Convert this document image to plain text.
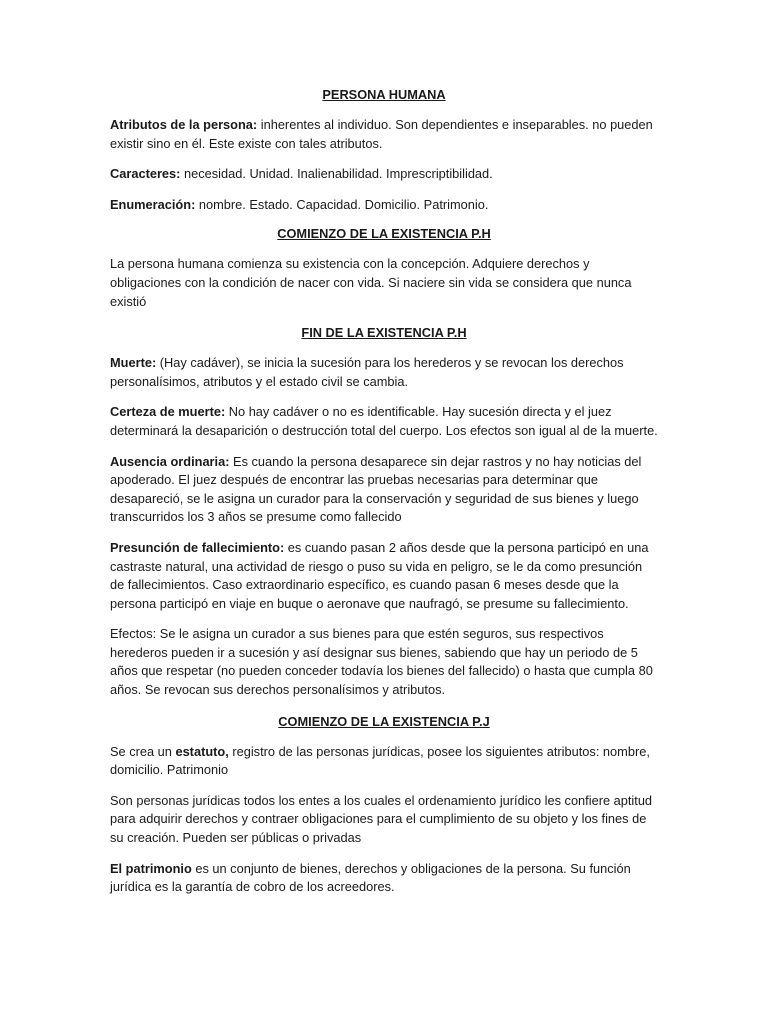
PERSONA HUMANA

Atributos de la persona: inherentes al individuo. Son dependientes e inseparables. no pueden existir sino en él. Este existe con tales atributos.

Caracteres: necesidad. Unidad. Inalienabilidad. Imprescriptibilidad.

Enumeración: nombre. Estado. Capacidad. Domicilio. Patrimonio.

COMIENZO DE LA EXISTENCIA P.H

La persona humana comienza su existencia con la concepción. Adquiere derechos y obligaciones con la condición de nacer con vida. Si naciere sin vida se considera que nunca existió

FIN DE LA EXISTENCIA P.H

Muerte: (Hay cadáver), se inicia la sucesión para los herederos y se revocan los derechos personalísimos, atributos y el estado civil se cambia.

Certeza de muerte: No hay cadáver o no es identificable. Hay sucesión directa y el juez determinará la desaparición o destrucción total del cuerpo. Los efectos son igual al de la muerte.

Ausencia ordinaria: Es cuando la persona desaparece sin dejar rastros y no hay noticias del apoderado. El juez después de encontrar las pruebas necesarias para determinar que desapareció, se le asigna un curador para la conservación y seguridad de sus bienes y luego transcurridos los 3 años se presume como fallecido

Presunción de fallecimiento: es cuando pasan 2 años desde que la persona participó en una castraste natural, una actividad de riesgo o puso su vida en peligro, se le da como presunción de fallecimientos. Caso extraordinario específico, es cuando pasan 6 meses desde que la persona participó en viaje en buque o aeronave que naufragó, se presume su fallecimiento.

Efectos: Se le asigna un curador a sus bienes para que estén seguros, sus respectivos herederos pueden ir a sucesión y así designar sus bienes, sabiendo que hay un periodo de 5 años que respetar (no pueden conceder todavía los bienes del fallecido) o hasta que cumpla 80 años. Se revocan sus derechos personalísimos y atributos.

COMIENZO DE LA EXISTENCIA P.J

Se crea un estatuto, registro de las personas jurídicas, posee los siguientes atributos: nombre, domicilio. Patrimonio

Son personas jurídicas todos los entes a los cuales el ordenamiento jurídico les confiere aptitud para adquirir derechos y contraer obligaciones para el cumplimiento de su objeto y los fines de su creación. Pueden ser públicas o privadas

El patrimonio es un conjunto de bienes, derechos y obligaciones de la persona. Su función jurídica es la garantía de cobro de los acreedores.
